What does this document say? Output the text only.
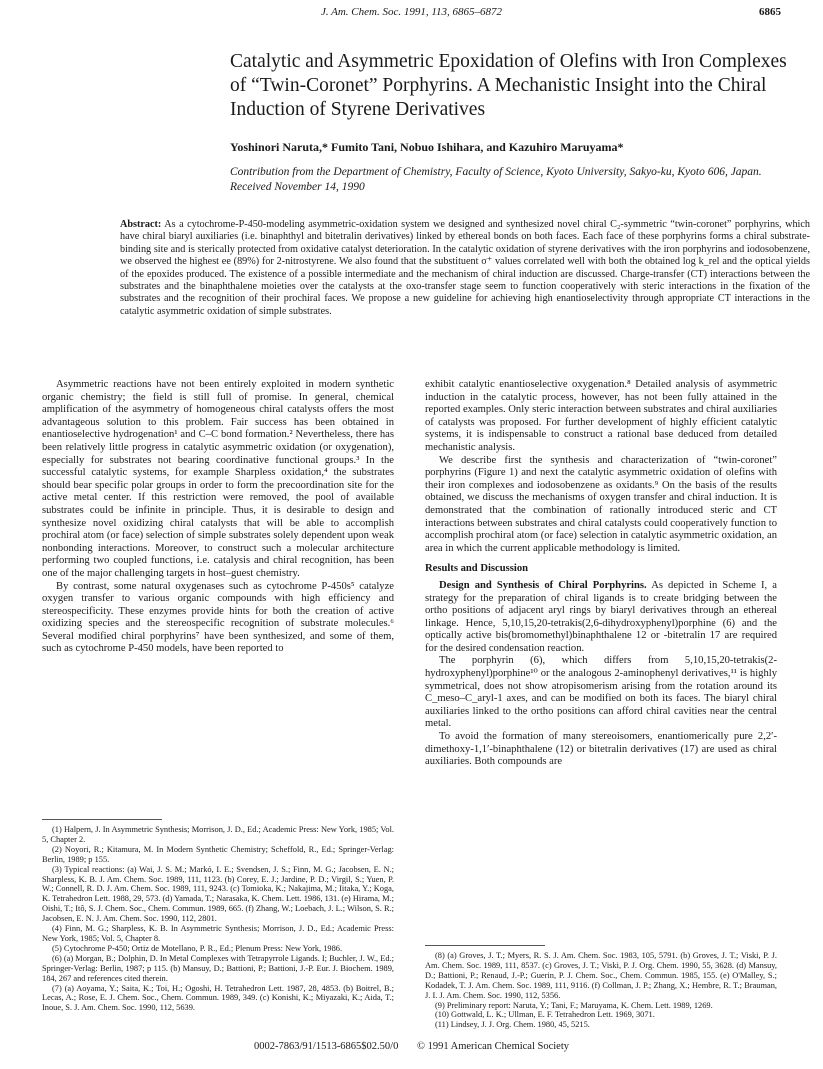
J. Am. Chem. Soc. 1991, 113, 6865–6872	6865
Catalytic and Asymmetric Epoxidation of Olefins with Iron Complexes of “Twin-Coronet” Porphyrins. A Mechanistic Insight into the Chiral Induction of Styrene Derivatives
Yoshinori Naruta,* Fumito Tani, Nobuo Ishihara, and Kazuhiro Maruyama*
Contribution from the Department of Chemistry, Faculty of Science, Kyoto University, Sakyo-ku, Kyoto 606, Japan. Received November 14, 1990
Abstract: As a cytochrome-P-450-modeling asymmetric-oxidation system we designed and synthesized novel chiral C₂-symmetric “twin-coronet” porphyrins, which have chiral biaryl auxiliaries (i.e. binaphthyl and bitetralin derivatives) linked by ethereal bonds on both faces. Each face of these porphyrins forms a chiral substrate-binding site and is sterically protected from oxidative catalyst deterioration. In the catalytic oxidation of styrene derivatives with the iron porphyrins and iodosobenzene, we observed the highest ee (89%) for 2-nitrostyrene. We also found that the substituent σ⁺ values correlated well with both the obtained log k_rel and the optical yields of the epoxides produced. The existence of a possible intermediate and the mechanism of chiral induction are discussed. Charge-transfer (CT) interactions between the substrates and the binaphthalene moieties over the catalysts at the oxo-transfer stage seem to function cooperatively with steric interactions in the fixation of the substrates and the recognition of their prochiral faces. We propose a new guideline for achieving high enantioselectivity through appropriate CT interactions in the catalytic asymmetric oxidation of simple substrates.

Asymmetric reactions have not been entirely exploited in modern synthetic organic chemistry; the field is still full of promise. In general, chemical amplification of the asymmetry of homogeneous chiral catalysts offers the most advantageous solution to this problem. Fair success has been obtained in enantioselective hydrogenation¹ and C–C bond formation.² Nevertheless, there has been relatively little progress in catalytic asymmetric oxidation (or oxygenation), especially for substrates not bearing coordinative functional groups.³ In the successful catalytic systems, for example Sharpless oxidation,⁴ the substrates should bear specific polar groups in order to form the precoordination site for the active metal center. If this restriction were removed, the pool of available substrates could be infinite in principle. Thus, it is desirable to design and synthesize novel oxidizing chiral catalysts that will be able to accomplish prochiral atom (or face) selection of simple substrates solely dependent upon weak nonbonding interactions. Moreover, to construct such a molecular architecture performing two coupled functions, i.e. catalysis and chiral recognition, has been one of the major challenging targets in host–guest chemistry.

By contrast, some natural oxygenases such as cytochrome P-450s⁵ catalyze oxygen transfer to various organic compounds with high efficiency and stereospecificity. These enzymes provide hints for both the creation of active oxidizing species and the stereospecific recognition of substrate molecules.⁶ Several modified chiral porphyrins⁷ have been synthesized, and some of them, such as cytochrome P-450 models, have been reported to

exhibit catalytic enantioselective oxygenation.⁸ Detailed analysis of asymmetric induction in the catalytic process, however, has not been fully attained in the reported examples. Only steric interaction between substrates and chiral auxiliaries of catalysts was proposed. For further development of highly efficient catalytic systems, it is indispensable to construct a rational base deduced from detailed mechanistic analysis.

We describe first the synthesis and characterization of “twin-coronet” porphyrins (Figure 1) and next the catalytic asymmetric oxidation of olefins with their iron complexes and iodosobenzene as oxidants.⁹ On the basis of the results obtained, we discuss the mechanisms of oxygen transfer and chiral induction. It is demonstrated that the combination of rationally introduced steric and CT interactions between substrates and chiral catalysts could cooperatively function to accomplish prochiral atom (or face) selection in catalytic asymmetric oxidation, an area in which the current applicable methodology is limited.

Results and Discussion

Design and Synthesis of Chiral Porphyrins. As depicted in Scheme I, a strategy for the preparation of chiral ligands is to create bridging between the ortho positions of adjacent aryl rings by biaryl derivatives through an ethereal linkage. Hence, 5,10,15,20-tetrakis(2,6-dihydroxyphenyl)porphine (6) and the optically active bis(bromomethyl)binaphthalene 12 or -bitetralin 17 are required for the desired condensation reaction.

The porphyrin (6), which differs from 5,10,15,20-tetrakis(2-hydroxyphenyl)porphine¹⁰ or the analogous 2-aminophenyl derivatives,¹¹ is highly symmetrical, does not show atropisomerism arising from the rotation around its C_meso–C_aryl-1 axes, and can be modified on both its faces. The biaryl chiral auxiliaries linked to the ortho positions can afford chiral cavities near the central metal.

To avoid the formation of many stereoisomers, enantiomerically pure 2,2′-dimethoxy-1,1′-binaphthalene (12) or bitetralin derivatives (17) are used as chiral auxiliaries. Both compounds are

(1) Halpern, J. In Asymmetric Synthesis; Morrison, J. D., Ed.; Academic Press: New York, 1985; Vol. 5, Chapter 2.

(2) Noyori, R.; Kitamura, M. In Modern Synthetic Chemistry; Scheffold, R., Ed.; Springer-Verlag: Berlin, 1989; p 155.

(3) Typical reactions: (a) Wai, J. S. M.; Markó, I. E.; Svendsen, J. S.; Finn, M. G.; Jacobsen, E. N.; Sharpless, K. B. J. Am. Chem. Soc. 1989, 111, 1123. (b) Corey, E. J.; Jardine, P. D.; Virgil, S.; Yuen, P. W.; Connell, R. D. J. Am. Chem. Soc. 1989, 111, 9243. (c) Tomioka, K.; Nakajima, M.; Iitaka, Y.; Koga, K. Tetrahedron Lett. 1988, 29, 573. (d) Yamada, T.; Narasaka, K. Chem. Lett. 1986, 131. (e) Hirama, M.; Oishi, T.; Itô, S. J. Chem. Soc., Chem. Commun. 1989, 665. (f) Zhang, W.; Loebach, J. L.; Wilson, S. R.; Jacobsen, E. N. J. Am. Chem. Soc. 1990, 112, 2801.

(4) Finn, M. G.; Sharpless, K. B. In Asymmetric Synthesis; Morrison, J. D., Ed.; Academic Press: New York, 1985; Vol. 5, Chapter 8.

(5) Cytochrome P-450; Ortiz de Motellano, P. R., Ed.; Plenum Press: New York, 1986.

(6) (a) Morgan, B.; Dolphin, D. In Metal Complexes with Tetrapyrrole Ligands. I; Buchler, J. W., Ed.; Springer-Verlag: Berlin, 1987; p 115. (b) Mansuy, D.; Battioni, P.; Battioni, J.-P. Eur. J. Biochem. 1989, 184, 267 and references cited therein.

(7) (a) Aoyama, Y.; Saita, K.; Toi, H.; Ogoshi, H. Tetrahedron Lett. 1987, 28, 4853. (b) Boitrel, B.; Lecas, A.; Rose, E. J. Chem. Soc., Chem. Commun. 1989, 349. (c) Konishi, K.; Miyazaki, K.; Aida, T.; Inoue, S. J. Am. Chem. Soc. 1990, 112, 5639.

(8) (a) Groves, J. T.; Myers, R. S. J. Am. Chem. Soc. 1983, 105, 5791. (b) Groves, J. T.; Viski, P. J. Am. Chem. Soc. 1989, 111, 8537. (c) Groves, J. T.; Viski, P. J. Org. Chem. 1990, 55, 3628. (d) Mansuy, D.; Battioni, P.; Renaud, J.-P.; Guerin, P. J. Chem. Soc., Chem. Commun. 1985, 155. (e) O'Malley, S.; Kodadek, T. J. Am. Chem. Soc. 1989, 111, 9116. (f) Collman, J. P.; Zhang, X.; Hembre, R. T.; Brauman, J. I. J. Am. Chem. Soc. 1990, 112, 5356.

(9) Preliminary report: Naruta, Y.; Tani, F.; Maruyama, K. Chem. Lett. 1989, 1269.

(10) Gottwald, L. K.; Ullman, E. F. Tetrahedron Lett. 1969, 3071.

(11) Lindsey, J. J. Org. Chem. 1980, 45, 5215.

0002-7863/91/1513-6865$02.50/0 © 1991 American Chemical Society
